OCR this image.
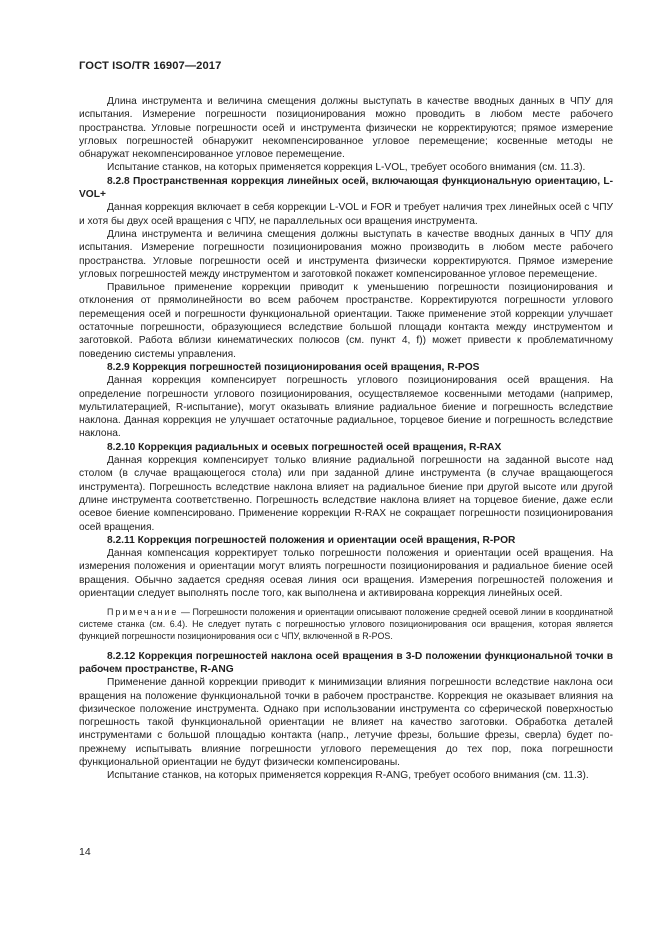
ГОСТ ISO/TR 16907—2017

Длина инструмента и величина смещения должны выступать в качестве вводных данных в ЧПУ для испытания. Измерение погрешности позиционирования можно проводить в любом месте рабочего пространства. Угловые погрешности осей и инструмента физически не корректируются; прямое измерение угловых погрешностей обнаружит некомпенсированное угловое перемещение; косвенные методы не обнаружат некомпенсированное угловое перемещение.

Испытание станков, на которых применяется коррекция L-VOL, требует особого внимания (см. 11.3).

8.2.8 Пространственная коррекция линейных осей, включающая функциональную ориентацию, L-VOL+

Данная коррекция включает в себя коррекции L-VOL и FOR и требует наличия трех линейных осей с ЧПУ и хотя бы двух осей вращения с ЧПУ, не параллельных оси вращения инструмента.

Длина инструмента и величина смещения должны выступать в качестве вводных данных в ЧПУ для испытания. Измерение погрешности позиционирования можно производить в любом месте рабочего пространства. Угловые погрешности осей и инструмента физически корректируются. Прямое измерение угловых погрешностей между инструментом и заготовкой покажет компенсированное угловое перемещение.

Правильное применение коррекции приводит к уменьшению погрешности позиционирования и отклонения от прямолинейности во всем рабочем пространстве. Корректируются погрешности углового перемещения осей и погрешности функциональной ориентации. Также применение этой коррекции улучшает остаточные погрешности, образующиеся вследствие большой площади контакта между инструментом и заготовкой. Работа вблизи кинематических полюсов (см. пункт 4, f)) может привести к проблематичному поведению системы управления.

8.2.9 Коррекция погрешностей позиционирования осей вращения, R-POS

Данная коррекция компенсирует погрешность углового позиционирования осей вращения. На определение погрешности углового позиционирования, осуществляемое косвенными методами (например, мультилатерацией, R-испытание), могут оказывать влияние радиальное биение и погрешность вследствие наклона. Данная коррекция не улучшает остаточные радиальное, торцевое биение и погрешность вследствие наклона.

8.2.10 Коррекция радиальных и осевых погрешностей осей вращения, R-RAX

Данная коррекция компенсирует только влияние радиальной погрешности на заданной высоте над столом (в случае вращающегося стола) или при заданной длине инструмента (в случае вращающегося инструмента). Погрешность вследствие наклона влияет на радиальное биение при другой высоте или другой длине инструмента соответственно. Погрешность вследствие наклона влияет на торцевое биение, даже если осевое биение компенсировано. Применение коррекции R-RAX не сокращает погрешности позиционирования осей вращения.

8.2.11 Коррекция погрешностей положения и ориентации осей вращения, R-POR

Данная компенсация корректирует только погрешности положения и ориентации осей вращения. На измерения положения и ориентации могут влиять погрешности позиционирования и радиальное биение осей вращения. Обычно задается средняя осевая линия оси вращения. Измерения погрешностей положения и ориентации следует выполнять после того, как выполнена и активирована коррекция линейных осей.

Примечание — Погрешности положения и ориентации описывают положение средней осевой линии в координатной системе станка (см. 6.4). Не следует путать с погрешностью углового позиционирования оси вращения, которая является функцией погрешности позиционирования оси с ЧПУ, включенной в R-POS.

8.2.12 Коррекция погрешностей наклона осей вращения в 3-D положении функциональной точки в рабочем пространстве, R-ANG

Применение данной коррекции приводит к минимизации влияния погрешности вследствие наклона оси вращения на положение функциональной точки в рабочем пространстве. Коррекция не оказывает влияния на физическое положение инструмента. Однако при использовании инструмента со сферической поверхностью погрешность такой функциональной ориентации не влияет на качество заготовки. Обработка деталей инструментами с большой площадью контакта (напр., летучие фрезы, большие фрезы, сверла) будет по-прежнему испытывать влияние погрешности углового перемещения до тех пор, пока погрешности функциональной ориентации не будут физически компенсированы.

Испытание станков, на которых применяется коррекция R-ANG, требует особого внимания (см. 11.3).

14
